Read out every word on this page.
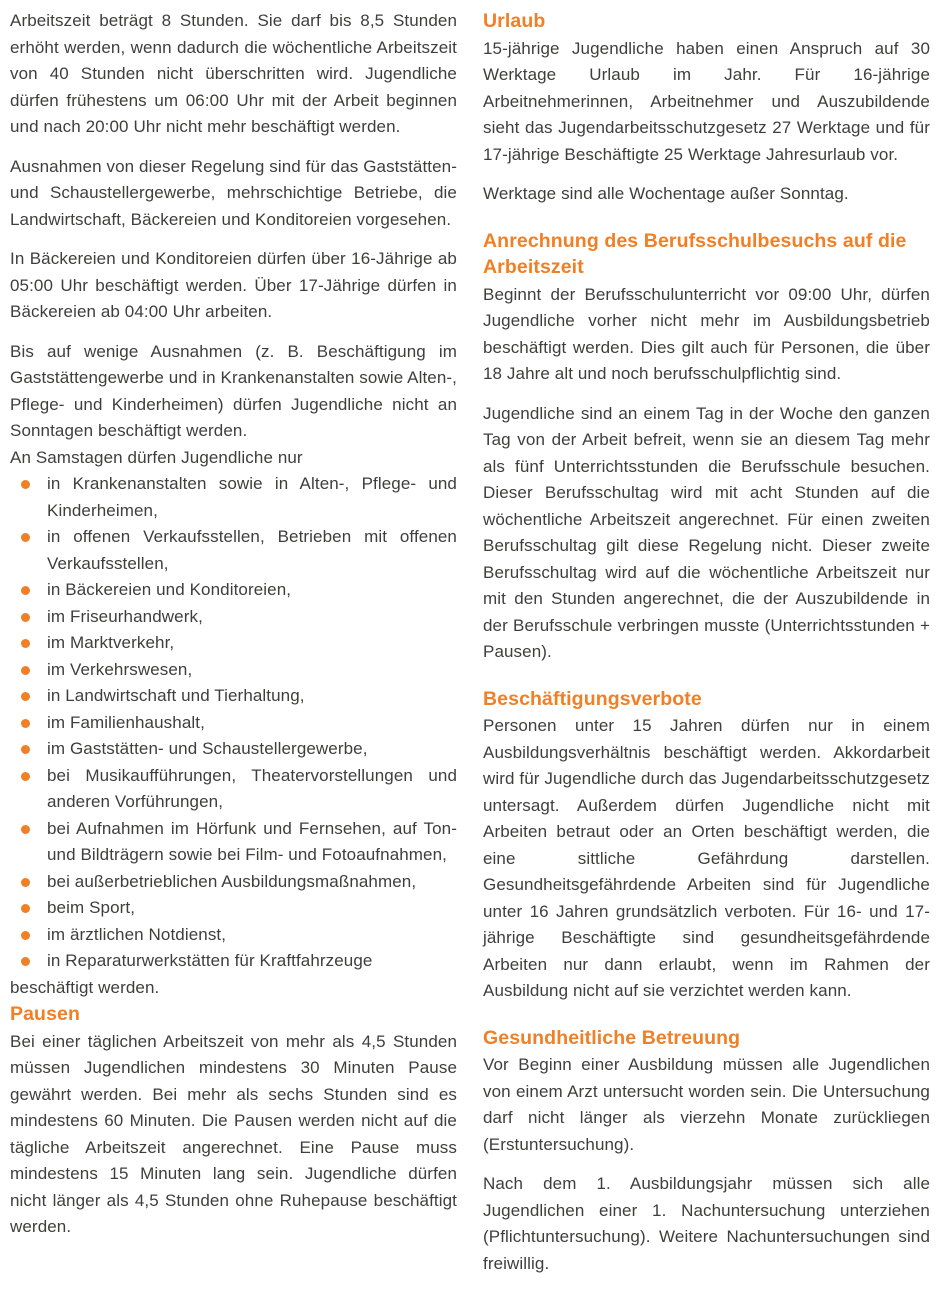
Arbeitszeit beträgt 8 Stunden. Sie darf bis 8,5 Stunden erhöht werden, wenn dadurch die wöchentliche Arbeitszeit von 40 Stunden nicht überschritten wird. Jugendliche dürfen frühestens um 06:00 Uhr mit der Arbeit beginnen und nach 20:00 Uhr nicht mehr beschäftigt werden.

Ausnahmen von dieser Regelung sind für das Gaststätten- und Schaustellergewerbe, mehrschichtige Betriebe, die Landwirtschaft, Bäckereien und Konditoreien vorgesehen.

In Bäckereien und Konditoreien dürfen über 16-Jährige ab 05:00 Uhr beschäftigt werden. Über 17-Jährige dürfen in Bäckereien ab 04:00 Uhr arbeiten.

Bis auf wenige Ausnahmen (z. B. Beschäftigung im Gaststättengewerbe und in Krankenanstalten sowie Alten-, Pflege- und Kinderheimen) dürfen Jugendliche nicht an Sonntagen beschäftigt werden.

An Samstagen dürfen Jugendliche nur

in Krankenanstalten sowie in Alten-, Pflege- und Kinderheimen,
in offenen Verkaufsstellen, Betrieben mit offenen Verkaufsstellen,
in Bäckereien und Konditoreien,
im Friseurhandwerk,
im Marktverkehr,
im Verkehrswesen,
in Landwirtschaft und Tierhaltung,
im Familienhaushalt,
im Gaststätten- und Schaustellergewerbe,
bei Musikaufführungen, Theatervorstellungen und anderen Vorführungen,
bei Aufnahmen im Hörfunk und Fernsehen, auf Ton- und Bildträgern sowie bei Film- und Fotoaufnahmen,
bei außerbetrieblichen Ausbildungsmaßnahmen,
beim Sport,
im ärztlichen Notdienst,
in Reparaturwerkstätten für Kraftfahrzeuge

beschäftigt werden.

Pausen

Bei einer täglichen Arbeitszeit von mehr als 4,5 Stunden müssen Jugendlichen mindestens 30 Minuten Pause gewährt werden. Bei mehr als sechs Stunden sind es mindestens 60 Minuten. Die Pausen werden nicht auf die tägliche Arbeitszeit angerechnet. Eine Pause muss mindestens 15 Minuten lang sein. Jugendliche dürfen nicht länger als 4,5 Stunden ohne Ruhepause beschäftigt werden.

Urlaub

15-jährige Jugendliche haben einen Anspruch auf 30 Werktage Urlaub im Jahr. Für 16-jährige Arbeitnehmerinnen, Arbeitnehmer und Auszubildende sieht das Jugendarbeitsschutzgesetz 27 Werktage und für 17-jährige Beschäftigte 25 Werktage Jahresurlaub vor.

Werktage sind alle Wochentage außer Sonntag.

Anrechnung des Berufsschulbesuchs auf die Arbeitszeit

Beginnt der Berufsschulunterricht vor 09:00 Uhr, dürfen Jugendliche vorher nicht mehr im Ausbildungsbetrieb beschäftigt werden. Dies gilt auch für Personen, die über 18 Jahre alt und noch berufsschulpflichtig sind.

Jugendliche sind an einem Tag in der Woche den ganzen Tag von der Arbeit befreit, wenn sie an diesem Tag mehr als fünf Unterrichtsstunden die Berufsschule besuchen. Dieser Berufsschultag wird mit acht Stunden auf die wöchentliche Arbeitszeit angerechnet. Für einen zweiten Berufsschultag gilt diese Regelung nicht. Dieser zweite Berufsschultag wird auf die wöchentliche Arbeitszeit nur mit den Stunden angerechnet, die der Auszubildende in der Berufsschule verbringen musste (Unterrichtsstunden + Pausen).

Beschäftigungsverbote

Personen unter 15 Jahren dürfen nur in einem Ausbildungsverhältnis beschäftigt werden. Akkordarbeit wird für Jugendliche durch das Jugendarbeitsschutzgesetz untersagt. Außerdem dürfen Jugendliche nicht mit Arbeiten betraut oder an Orten beschäftigt werden, die eine sittliche Gefährdung darstellen. Gesundheitsgefährdende Arbeiten sind für Jugendliche unter 16 Jahren grundsätzlich verboten. Für 16- und 17-jährige Beschäftigte sind gesundheitsgefährdende Arbeiten nur dann erlaubt, wenn im Rahmen der Ausbildung nicht auf sie verzichtet werden kann.

Gesundheitliche Betreuung

Vor Beginn einer Ausbildung müssen alle Jugendlichen von einem Arzt untersucht worden sein. Die Untersuchung darf nicht länger als vierzehn Monate zurückliegen (Erstuntersuchung).

Nach dem 1. Ausbildungsjahr müssen sich alle Jugendlichen einer 1. Nachuntersuchung unterziehen (Pflichtuntersuchung). Weitere Nachuntersuchungen sind freiwillig.
